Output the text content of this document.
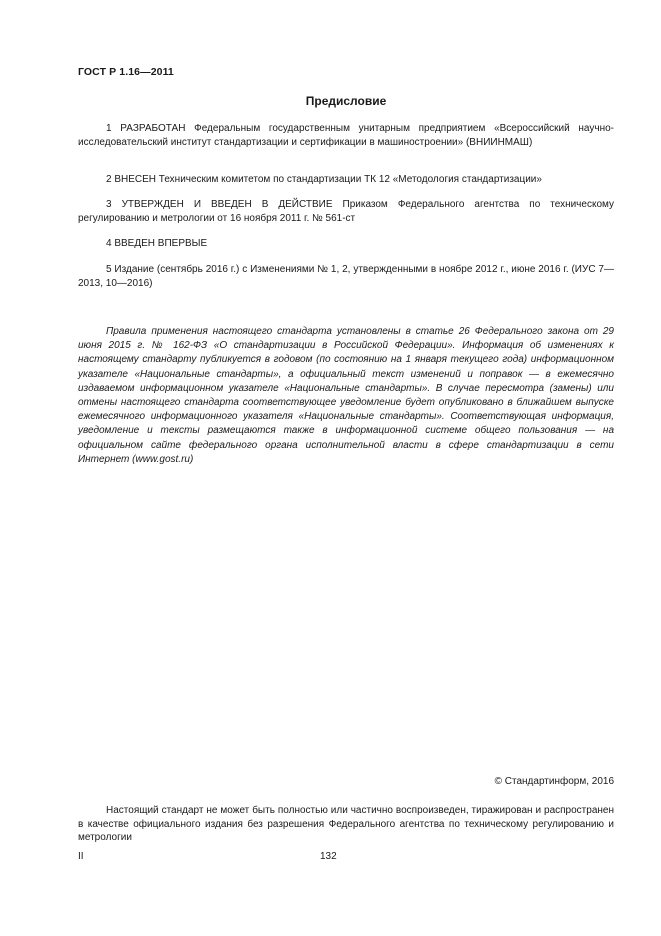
ГОСТ Р 1.16—2011
Предисловие

1 РАЗРАБОТАН Федеральным государственным унитарным предприятием «Всероссийский научно-исследовательский институт стандартизации и сертификации в машиностроении» (ВНИИНМАШ)

2 ВНЕСЕН Техническим комитетом по стандартизации ТК 12 «Методология стандартизации»

3 УТВЕРЖДЕН И ВВЕДЕН В ДЕЙСТВИЕ Приказом Федерального агентства по техническому регулированию и метрологии от 16 ноября 2011 г. № 561-ст

4 ВВЕДЕН ВПЕРВЫЕ

5 Издание (сентябрь 2016 г.) с Изменениями № 1, 2, утвержденными в ноябре 2012 г., июне 2016 г. (ИУС 7—2013, 10—2016)

Правила применения настоящего стандарта установлены в статье 26 Федерального закона от 29 июня 2015 г. № 162-ФЗ «О стандартизации в Российской Федерации». Информация об изменениях к настоящему стандарту публикуется в годовом (по состоянию на 1 января текущего года) информационном указателе «Национальные стандарты», а официальный текст изменений и поправок — в ежемесячно издаваемом информационном указателе «Национальные стандарты». В случае пересмотра (замены) или отмены настоящего стандарта соответствующее уведомление будет опубликовано в ближайшем выпуске ежемесячного информационного указателя «Национальные стандарты». Соответствующая информация, уведомление и тексты размещаются также в информационной системе общего пользования — на официальном сайте федерального органа исполнительной власти в сфере стандартизации в сети Интернет (www.gost.ru)

© Стандартинформ, 2016

Настоящий стандарт не может быть полностью или частично воспроизведен, тиражирован и распространен в качестве официального издания без разрешения Федерального агентства по техническому регулированию и метрологии

II	132
